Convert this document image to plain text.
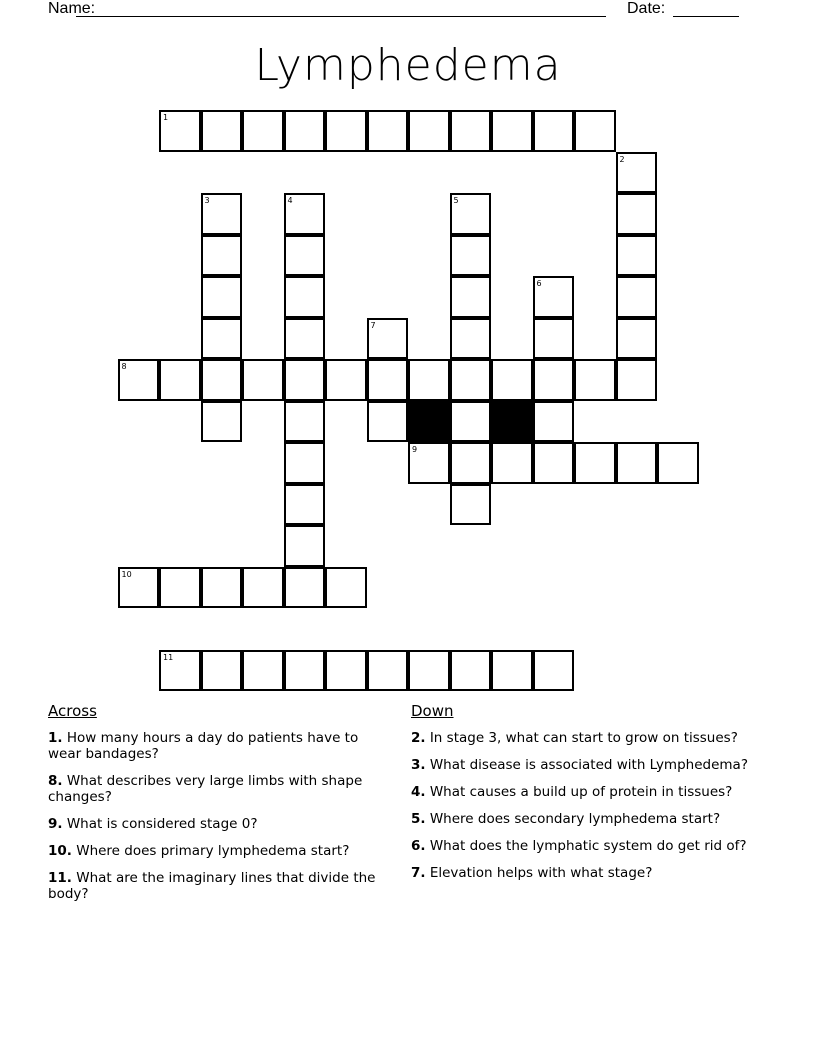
Name:	Date:
Lymphedema
1
8
9
10
11
2
3	4	5
6
7
Across
1. How many hours a day do patients have to wear bandages?
8. What describes very large limbs with shape changes?
9. What is considered stage 0?
10. Where does primary lymphedema start?
11. What are the imaginary lines that divide the body?
Down
2. In stage 3, what can start to grow on tissues?
3. What disease is associated with Lymphedema?
4. What causes a build up of protein in tissues?
5. Where does secondary lymphedema start?
6. What does the lymphatic system do get rid of?
7. Elevation helps with what stage?
